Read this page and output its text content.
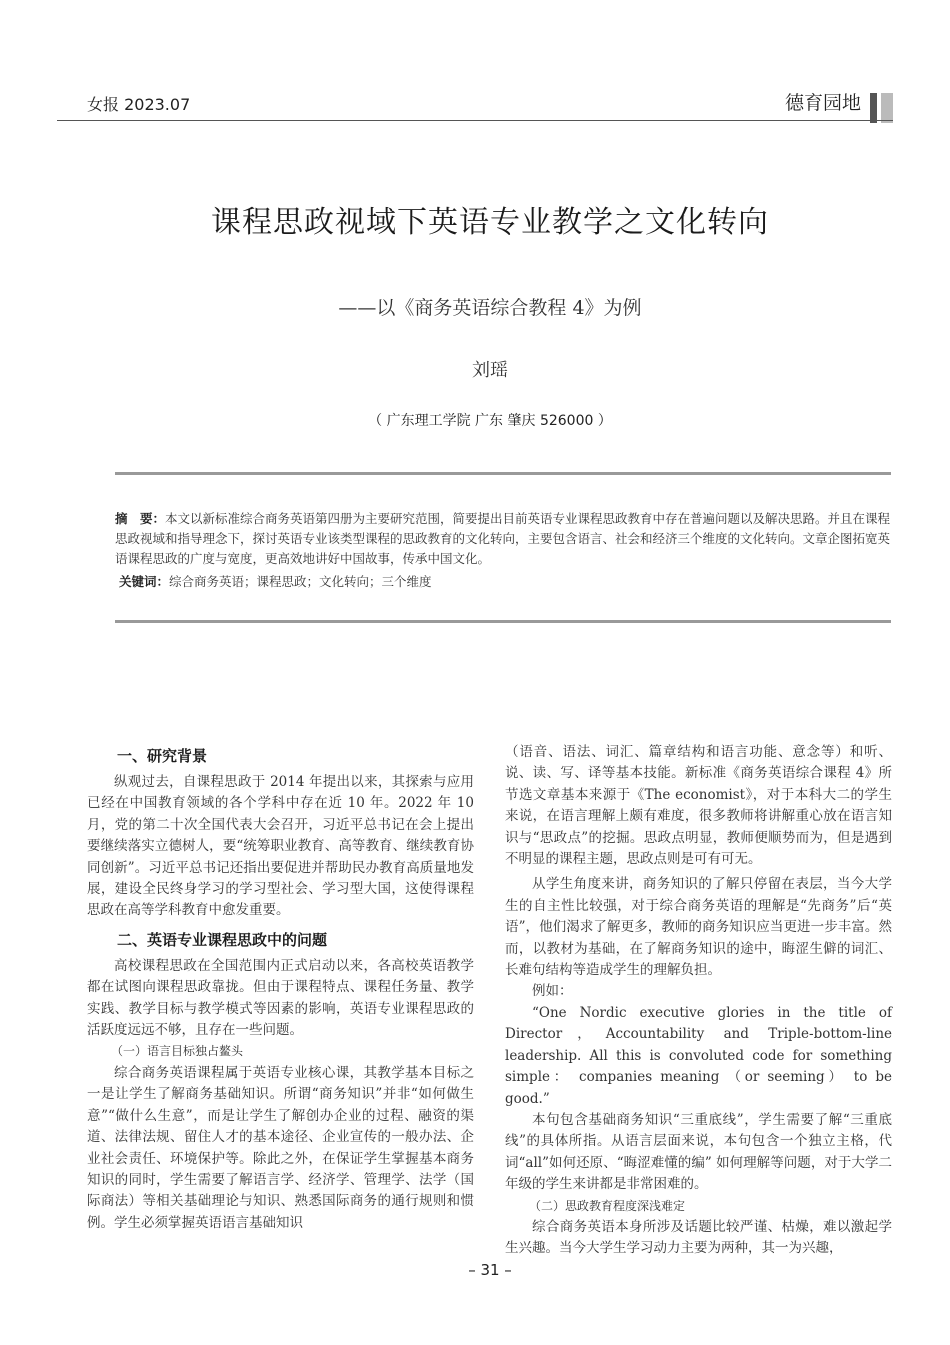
女报 2023.07	德育园地
课程思政视域下英语专业教学之文化转向
——以《商务英语综合教程 4》为例
刘瑶
（ 广东理工学院 广东 肇庆 526000 ）
摘　要：本文以新标准综合商务英语第四册为主要研究范围，简要提出目前英语专业课程思政教育中存在普遍问题以及解决思路。并且在课程思政视域和指导理念下，探讨英语专业该类型课程的思政教育的文化转向，主要包含语言、社会和经济三个维度的文化转向。文章企图拓宽英语课程思政的广度与宽度，更高效地讲好中国故事，传承中国文化。
关键词：综合商务英语；课程思政；文化转向；三个维度
一、研究背景

纵观过去，自课程思政于 2014 年提出以来，其探索与应用已经在中国教育领域的各个学科中存在近 10 年。2022 年 10 月，党的第二十次全国代表大会召开，习近平总书记在会上提出要继续落实立德树人，要“统筹职业教育、高等教育、继续教育协同创新”。习近平总书记还指出要促进并帮助民办教育高质量地发展，建设全民终身学习的学习型社会、学习型大国，这使得课程思政在高等学科教育中愈发重要。

二、英语专业课程思政中的问题

高校课程思政在全国范围内正式启动以来，各高校英语教学都在试图向课程思政靠拢。但由于课程特点、课程任务量、教学实践、教学目标与教学模式等因素的影响，英语专业课程思政的活跃度远远不够，且存在一些问题。

（一）语言目标独占鳌头

综合商务英语课程属于英语专业核心课，其教学基本目标之一是让学生了解商务基础知识。所谓“商务知识”并非“如何做生意”“做什么生意”，而是让学生了解创办企业的过程、融资的渠道、法律法规、留住人才的基本途径、企业宣传的一般办法、企业社会责任、环境保护等。除此之外，在保证学生掌握基本商务知识的同时，学生需要了解语言学、经济学、管理学、法学（国际商法）等相关基础理论与知识、熟悉国际商务的通行规则和惯例。学生必须掌握英语语言基础知识

（语音、语法、词汇、篇章结构和语言功能、意念等）和听、说、读、写、译等基本技能。新标准《商务英语综合课程 4》所节选文章基本来源于《The economist》，对于本科大二的学生来说，在语言理解上颇有难度，很多教师将讲解重心放在语言知识与“思政点”的挖掘。思政点明显，教师便顺势而为，但是遇到不明显的课程主题，思政点则是可有可无。

从学生角度来讲，商务知识的了解只停留在表层，当今大学生的自主性比较强，对于综合商务英语的理解是“先商务”后“英语”，他们渴求了解更多，教师的商务知识应当更进一步丰富。然而，以教材为基础，在了解商务知识的途中，晦涩生僻的词汇、长难句结构等造成学生的理解负担。

例如：

“One Nordic executive glories in the title of Director，Accountability and Triple-bottom-line leadership. All this is convoluted code for something simple： companies meaning （or seeming） to be good.”

本句包含基础商务知识“三重底线”，学生需要了解“三重底线”的具体所指。从语言层面来说，本句包含一个独立主格，代词“all”如何还原、“晦涩难懂的编” 如何理解等问题，对于大学二年级的学生来讲都是非常困难的。

（二）思政教育程度深浅难定

综合商务英语本身所涉及话题比较严谨、枯燥，难以激起学生兴趣。当今大学生学习动力主要为两种，其一为兴趣，

– 31 –
